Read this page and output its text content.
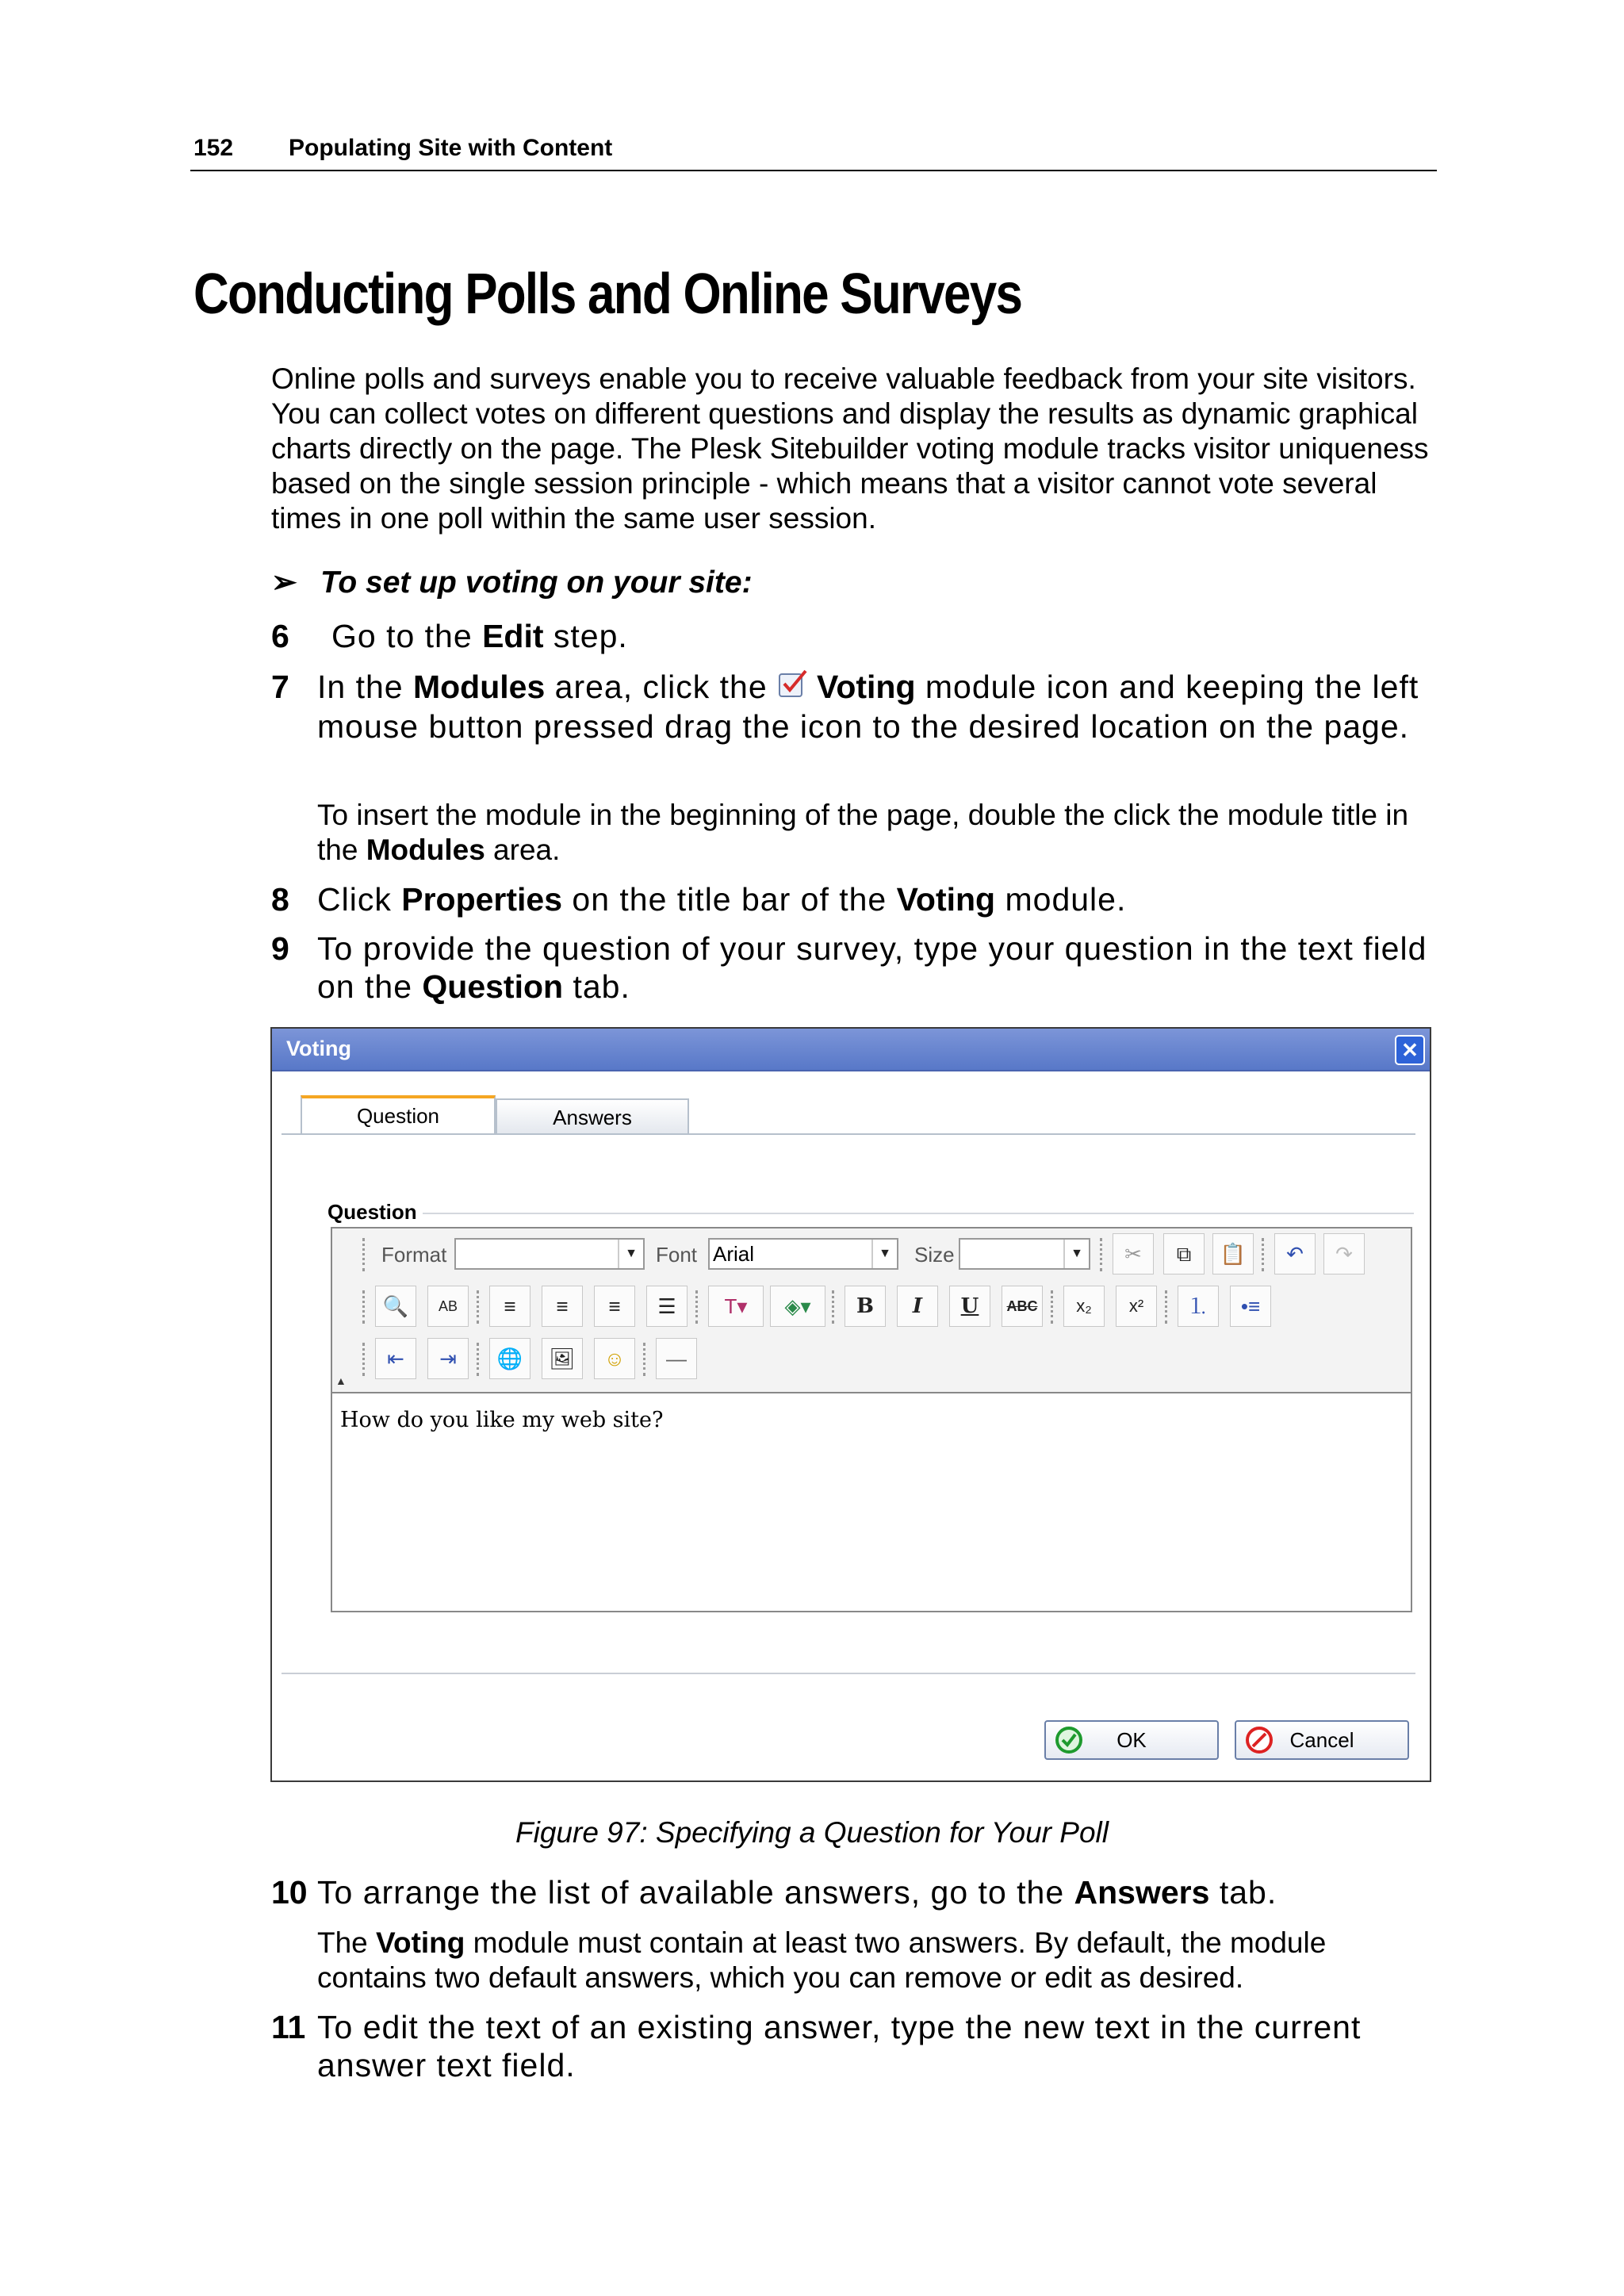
152 Populating Site with Content
Conducting Polls and Online Surveys
Online polls and surveys enable you to receive valuable feedback from your site visitors. You can collect votes on different questions and display the results as dynamic graphical charts directly on the page. The Plesk Sitebuilder voting module tracks visitor uniqueness based on the single session principle - which means that a visitor cannot vote several times in one poll within the same user session.
➢ To set up voting on your site:
6	Go to the Edit step.
7 In the Modules area, click the Voting module icon and keeping the left mouse button pressed drag the icon to the desired location on the page.
To insert the module in the beginning of the page, double the click the module title in the Modules area.
8 Click Properties on the title bar of the Voting module.
9 To provide the question of your survey, type your question in the text field on the Question tab.
Voting	✕
Question	Answers
Question
Format	▼ Font Arial	▼ Size	▼	✂	⧉	📋	↶	↷
🔍	AB	≡	≡	≡	☰	T▾	◈▾	B	I	U	ABC	x₂	x²	⒈	•≡
⇤	⇥	🌐	🖼	☺	—
▲
How do you like my web site?
OK	Cancel
Figure 97: Specifying a Question for Your Poll
10 To arrange the list of available answers, go to the Answers tab.
The Voting module must contain at least two answers. By default, the module contains two default answers, which you can remove or edit as desired.
11 To edit the text of an existing answer, type the new text in the current answer text field.
